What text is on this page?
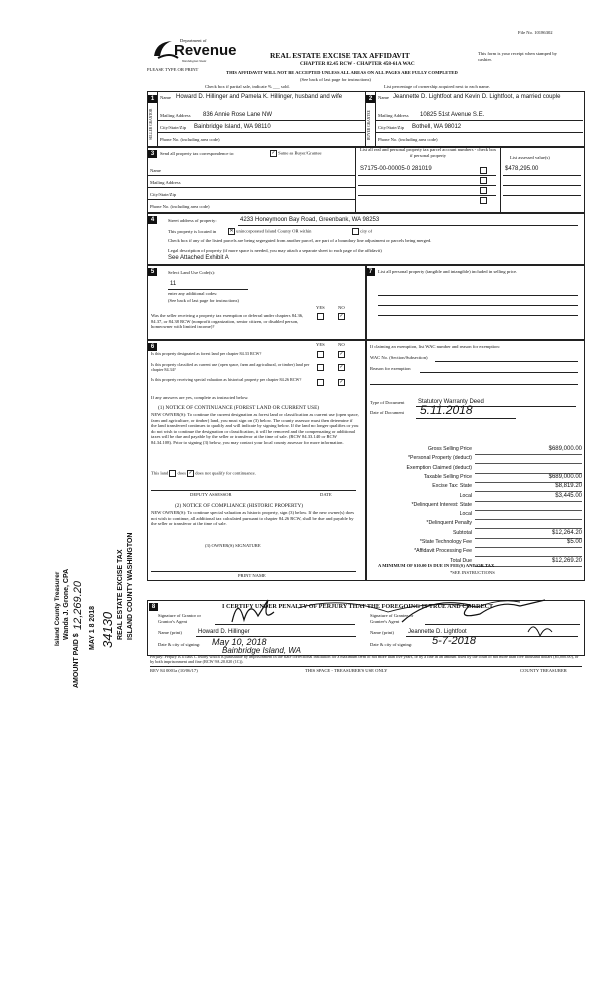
File No. 10186302
Department of
Revenue
Washington State
PLEASE TYPE OR PRINT
REAL ESTATE EXCISE TAX AFFIDAVIT
CHAPTER 82.45 RCW - CHAPTER 458-61A WAC
This form is your receipt when stamped by cashier.
THIS AFFIDAVIT WILL NOT BE ACCEPTED UNLESS ALL AREAS ON ALL PAGES ARE FULLY COMPLETED
(See back of last page for instructions)
Check box if partial sale, indicate % ___ sold.	List percentage of ownership acquired next to each name.
1	2
SELLER GRANTOR	BUYER GRANTEE
Name Howard D. Hillinger and Pamela K. Hillinger, husband and wife
Mailing Address 836 Annie Rose Lane NW
City/State/Zip Bainbridge Island, WA 98110
Phone No. (including area code)
Name Jeannette D. Lightfoot and Kevin D. Lightfoot, a married couple
Mailing Address 10825 51st Avenue S.E.
City/State/Zip Bothell, WA 98012
Phone No. (including area code)
3	Send all property tax correspondence to:	✓ Same as Buyer/Grantee
List all real and personal property tax parcel account numbers - check box if personal property	List assessed value(s)
Name
Mailing Address
City/State/Zip
Phone No. (including area code)
S7175-00-00005-0 281019	$478,295.00
4	Street address of property:	4233 Honeymoon Bay Road, Greenbank, WA 98253
This property is located in	✕ unincorporated Island County OR within	city of
Check box if any of the listed parcels are being segregated from another parcel, are part of a boundary line adjustment or parcels being merged.
Legal description of property (if more space is needed, you may attach a separate sheet to each page of the affidavit)
See Attached Exhibit A
5	Select Land Use Code(s):
11
enter any additional codes:
(See back of last page for instructions)
YES	NO
Was the seller receiving a property tax exemption or deferral under chapters 84.36, 84.37, or 84.38 RCW (nonprofit organization, senior citizen, or disabled person, homeowner with limited income)?
✓
7	List all personal property (tangible and intangible) included in selling price.
6	YES	NO
Is this property designated as forest land per chapter 84.33 RCW?	✓
Is this property classified as current use (open space, farm and agricultural, or timber) land per chapter 84.34?	✓
Is this property receiving special valuation as historical property per chapter 84.26 RCW?
✓
If any answers are yes, complete as instructed below.
(1) NOTICE OF CONTINUANCE (FOREST LAND OR CURRENT USE)
NEW OWNER(S): To continue the current designation as forest land or classification as current use (open space, farm and agriculture, or timber) land, you must sign on (3) below. The county assessor must then determine if the land transferred continues to qualify and will indicate by signing below. If the land no longer qualifies or you do not wish to continue the designation or classification, it will be removed and the compensating or additional taxes will be due and payable by the seller or transferor at the time of sale. (RCW 84.33.140 or RCW 84.34.108). Prior to signing (3) below, you may contact your local county assessor for more information.
This land does ✓ does not qualify for continuance.
DEPUTY ASSESSOR	DATE
(2) NOTICE OF COMPLIANCE (HISTORIC PROPERTY)
NEW OWNER(S): To continue special valuation as historic property, sign (3) below. If the new owner(s) does not wish to continue, all additional tax calculated pursuant to chapter 84.26 RCW, shall be due and payable by the seller or transferor at the time of sale.
(3) OWNER(S) SIGNATURE
PRINT NAME
If claiming an exemption, list WAC number and reason for exemption:
WAC No. (Section/Subsection)
Reason for exemption
Type of Document Statutory Warranty Deed
Date of Document 5.11.2018
Gross Selling Price	$689,000.00
*Personal Property (deduct)
Exemption Claimed (deduct)
Taxable Selling Price	$689,000.00
Excise Tax: State	$8,819.20
Local	$3,445.00
*Delinquent Interest: State
Local
*Delinquent Penalty
Subtotal	$12,264.20
*State Technology Fee	$5.00
*Affidavit Processing Fee
Total Due	$12,269.20
A MINIMUM OF $10.00 IS DUE IN FEE(S) AND/OR TAX
*SEE INSTRUCTIONS
8	I CERTIFY UNDER PENALTY OF PERJURY THAT THE FOREGOING IS TRUE AND CORRECT
Signature of Grantor or Grantor's Agent
Signature of Grantee or Grantee's Agent
Name (print)	Howard D. Hillinger	Name (print) Jeannette D. Lightfoot
Date & city of signing: May 10, 2018
Bainbridge Island, WA
Date & city of signing: 5-7-2018
Perjury: Perjury is a class C felony which is punishable by imprisonment in the state correctional institution for a maximum term of not more than five years, or by a fine in an amount fixed by the court of not more than five thousand dollars ($5,000.00), or by both imprisonment and fine (RCW 9A.20.020 (1C)).
REV 84 0001a (10/06/17)	THIS SPACE - TREASURER'S USE ONLY	COUNTY TREASURER
ISLAND COUNTY WASHINGTON
REAL ESTATE EXCISE TAX
34130
MAY 1 8 2018
AMOUNT PAID $
12,269.20
Wanda J. Grone, CPA
Island County Treasurer
